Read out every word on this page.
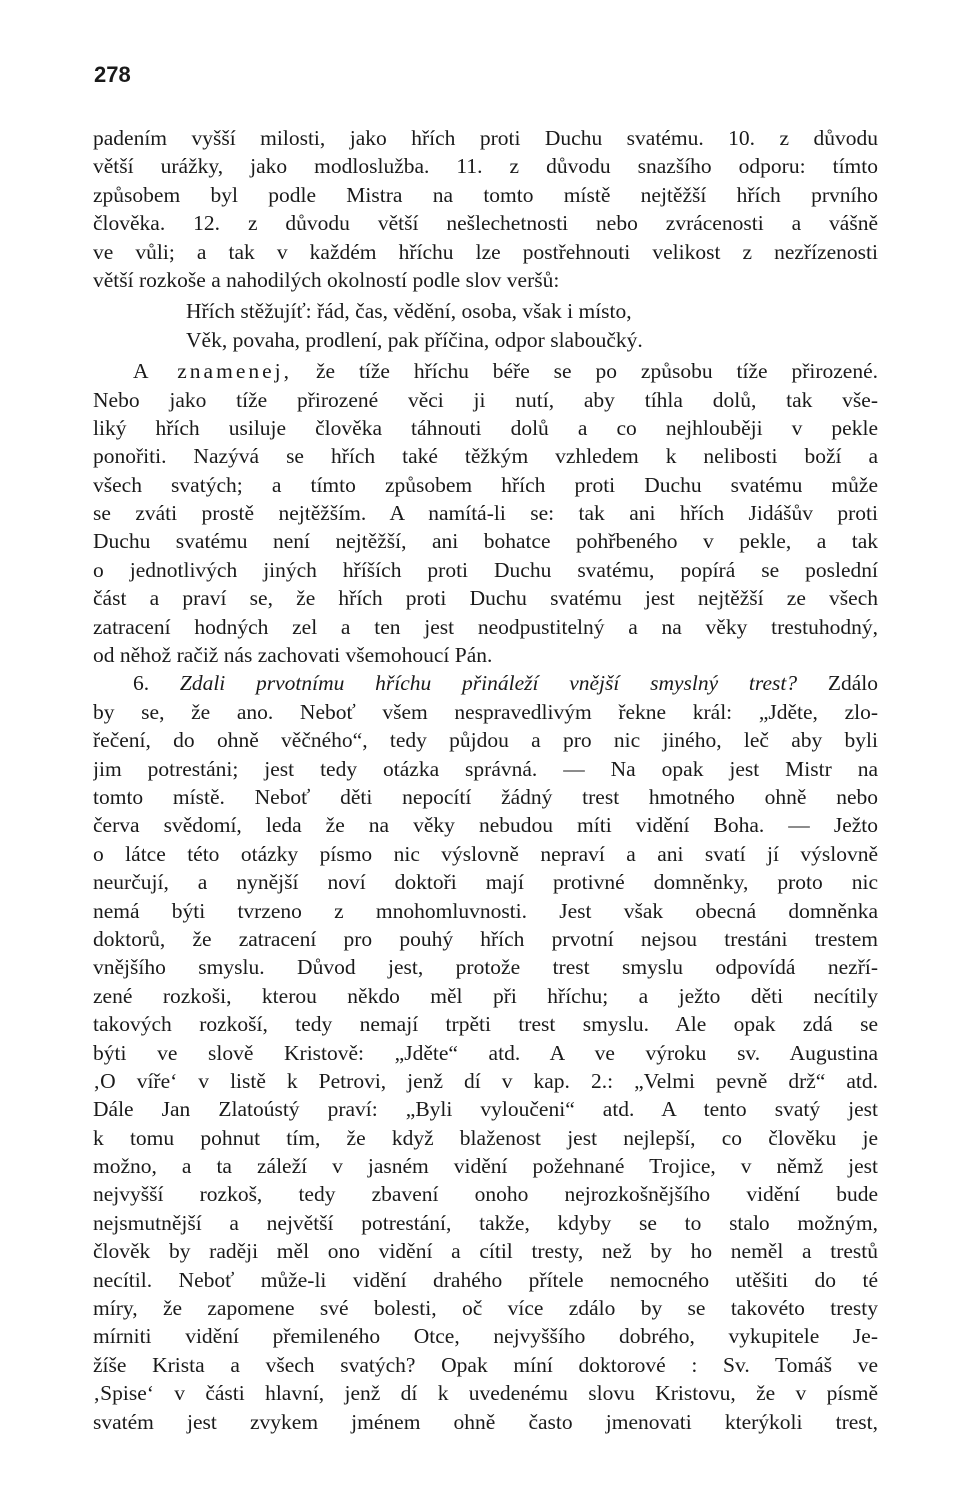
278
padením vyšší milosti, jako hřích proti Duchu svatému. 10. z důvodu
větší urážky, jako modloslužba. 11. z důvodu snazšího odporu: tímto
způsobem byl podle Mistra na tomto místě nejtěžší hřích prvního
člověka. 12. z důvodu větší nešlechetnosti nebo zvrácenosti a vášně
ve vůli; a tak v každém hříchu lze postřehnouti velikost z nezřízenosti
větší rozkoše a nahodilých okolností podle slov veršů:
Hřích stěžujíť: řád, čas, vědění, osoba, však i místo,
Věk, povaha, prodlení, pak příčina, odpor slaboučký.
A znamenej, že tíže hříchu béře se po způsobu tíže přirozené.
Nebo jako tíže přirozené věci ji nutí, aby tíhla dolů, tak vše-
liký hřích usiluje člověka táhnouti dolů a co nejhlouběji v pekle
ponořiti. Nazývá se hřích také těžkým vzhledem k nelibosti boží a
všech svatých; a tímto způsobem hřích proti Duchu svatému může
se zváti prostě nejtěžším. A namítá-li se: tak ani hřích Jidášův proti
Duchu svatému není nejtěžší, ani bohatce pohřbeného v pekle, a tak
o jednotlivých jiných hříších proti Duchu svatému, popírá se poslední
část a praví se, že hřích proti Duchu svatému jest nejtěžší ze všech
zatracení hodných zel a ten jest neodpustitelný a na věky trestuhodný,
od něhož račiž nás zachovati všemohoucí Pán.
6. Zdali prvotnímu hříchu přináleží vnější smyslný trest? Zdálo
by se, že ano. Neboť všem nespravedlivým řekne král: „Jděte, zlo-
řečení, do ohně věčného“, tedy půjdou a pro nic jiného, leč aby byli
jim potrestáni; jest tedy otázka správná. — Na opak jest Mistr na
tomto místě. Neboť děti nepocítí žádný trest hmotného ohně nebo
červa svědomí, leda že na věky nebudou míti vidění Boha. — Ježto
o látce této otázky písmo nic výslovně nepraví a ani svatí jí výslovně
neurčují, a nynější noví doktoři mají protivné domněnky, proto nic
nemá býti tvrzeno z mnohomluvnosti. Jest však obecná domněnka
doktorů, že zatracení pro pouhý hřích prvotní nejsou trestáni trestem
vnějšího smyslu. Důvod jest, protože trest smyslu odpovídá nezří-
zené rozkoši, kterou někdo měl při hříchu; a ježto děti necítily
takových rozkoší, tedy nemají trpěti trest smyslu. Ale opak zdá se
býti ve slově Kristově: „Jděte“ atd. A ve výroku sv. Augustina
‚O víře‘ v listě k Petrovi, jenž dí v kap. 2.: „Velmi pevně drž“ atd.
Dále Jan Zlatoústý praví: „Byli vyloučeni“ atd. A tento svatý jest
k tomu pohnut tím, že když blaženost jest nejlepší, co člověku je
možno, a ta záleží v jasném vidění požehnané Trojice, v němž jest
nejvyšší rozkoš, tedy zbavení onoho nejrozkošnějšího vidění bude
nejsmutnější a největší potrestání, takže, kdyby se to stalo možným,
člověk by raději měl ono vidění a cítil tresty, než by ho neměl a trestů
necítil. Neboť může-li vidění drahého přítele nemocného utěšiti do té
míry, že zapomene své bolesti, oč více zdálo by se takovéto tresty
mírniti vidění přemileného Otce, nejvyššího dobrého, vykupitele Je-
žíše Krista a všech svatých? Opak míní doktorové : Sv. Tomáš ve
‚Spise‘ v části hlavní, jenž dí k uvedenému slovu Kristovu, že v písmě
svatém jest zvykem jménem ohně často jmenovati kterýkoli trest,
